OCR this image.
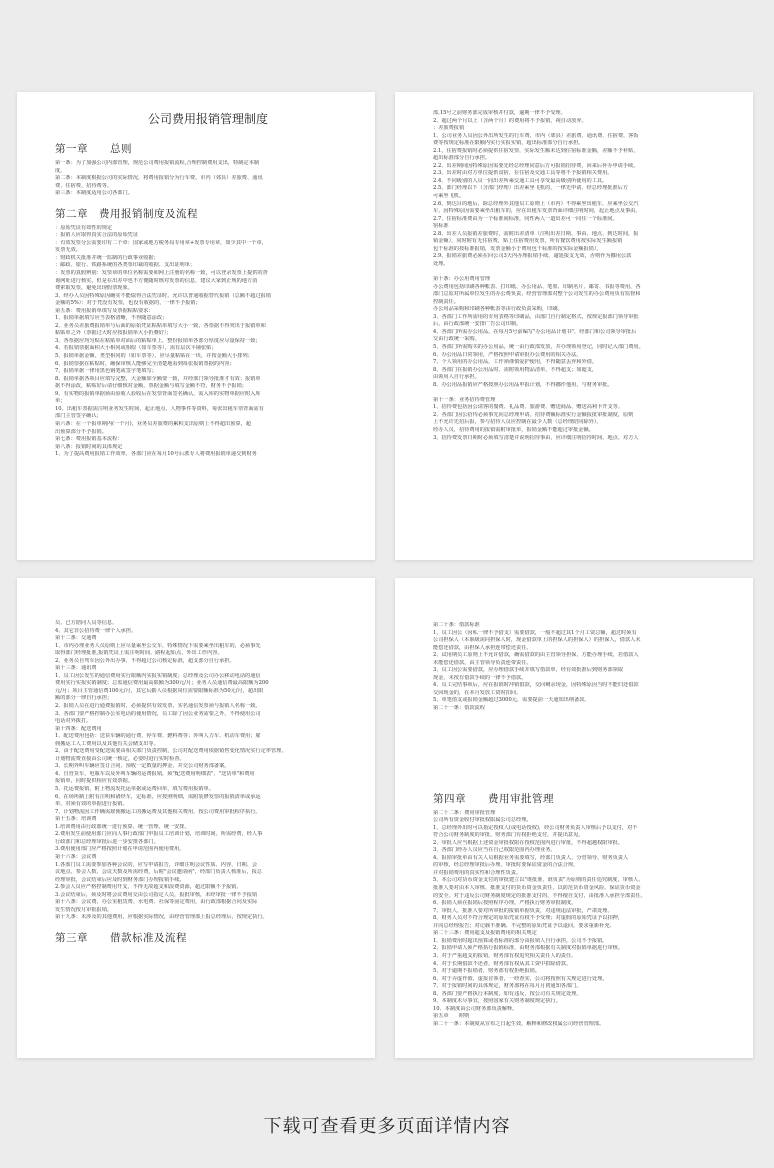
公司费用报销管理制度
第一章　　总则

第一条：为了加强公司内部管理，规范公司费用报销流程,合理控制费用支出，特制定本制

度。

第二条：本制度根据公司的实际情况，将费用报销分为行车费、市内（郊县）差旅费、通讯

费、住宿费、招待费等。

第三条：本制度适用公司各部门。

第二章　费用报销制度及流程

：原始凭证有效性的规定

：报销人应取得真实合法的原始凭证

：有效发票分公需要印有二个章：国家或地方税务局专用章+发票专用章，如少其中一个章，

发票无效。

：财政机关批准并统一监制的行政事业收据；

：邮政、银行、铁路系统的各类票印裁的收据、支出证明单；

：发票的真假辨别：发票章的单位名称需要和网上注册的名称一致，可以登录发票上提供的查

询网址进行核实，但是在出差中也不方便随时核对发票的信息，建议大家到正规的地方消

费索取发票，避免出现假票现象。

3、经办人员因特殊原因确实不能取得合法凭证时，允许以普通收据替代报销（总额不超过报销

金额的5%）：对于凭没有发票，也没有收据的，一律不予报销；

第五条：费用报销单填写及票据粘贴要求：

1、报销单据填写应当表格清晰，不得随意涂改；

2、业务员差旅费报销单与后面的原始凭证粘贴单填写大小一致，各票据不得突出于报销单和

粘贴单之外（票据过大时应按报销单大小折叠好）；

3、各票据应均匀贴在粘贴单对面后的粘贴单上，整份报销单各部分厚度应尽量保持一致；

4、若报销票据面积大小相同或相似（如车票等），需有层次平铺张贴；

5、报销单据金额、类型相同的（如车票等），应尽量粘贴在一块，并按金额大小排列；

6、报销票据在粘贴时，确保审核人能够完全清楚地看到每张报销票据的内容；

7、报销单据一律用黑色钢笔或签字笔填写；

8、报销单据各项目应填写完整，大金额如全额要一致，并经部门领导批准才有效；报销单

据不得涂改，粘贴好后请仔细核对金额，票据金额与填写金额不符，财务不予报销；

9、有实物的报销单据须由验收人验收后在发票背面签名确认，需入库的实物单据应附入库

单；

10、出租车票据需注明业务发生时间、起止地点、人物事件等资料，每张出租车票背面需有

部门主管签字确认；

第六条：在一个报单期内(一个月)，业务员差旅费的累积支出原则上不得超出预算，超

出预算部分不予报销。

第七条：费用报销基本流程：

第八条：报销时间的具体规定

1、为了提高费用报销工作效率，各部门应在每月10号后派专人将费用报销单递交到财务

部,15号之前财务部完成审核并付款，逾期一律不予受理。

2、超过两个月以上（含两个月）的费用将不予报销，视自动放弃。

：差旅费报销

1、公司业务人员因公外出所发生的行车费、市内（郊县）差旅费、通讯费、住宿费、客饭

费等按规定标准在限额内实行实报实销，超出标准部分自行承担。

2.1、住宿费报销时必须提供住宿发票，实际发生额未达到住宿标准金额，差额不予补贴，

超出标准部分自行承担。

2.2、出差期间因特殊原因需要先经总经理同意后方可报销招待费，回来后补办申请手续。

2.3、出差时由对方单位提供食宿，在住宿及交通工具等将不予报销相关费用。

2.4、不同级别的人员一同出差所乘交通工具可享受最高级别所使用的工具。

2.5、部门经理以下（含部门经理）出差乘坐飞机的，一律先申请，经总经理批准后方

可乘坐飞机。

2.6、到达目的地后，除总经理外其他员工原则上（市内）不得乘坐出租车，应乘坐公交汽

车，因特殊原因需要乘坐出租车的，应在出租车发票背面详细注明时间，起止地点及事由。

2.7、住宿标准费由为一个标准间标准，同性两人一道出差可一同住一个标准间。

宿标准

2.8、出差人员报销差旅费时，需附出差清单（注明出差日期、事由、地点、到达时间，报

销金额），同时附有无住宿费，贴上住宿费用发票，所有餐饮费用按实际发生额报销

包干标准的按标准报销，发票金额小于费用包干标准的按实际金额报销）。

2.9、报销差旅费必须在回公司3天内办理报销手续，逾延报支无效，否则作为挪用公款

处理。

第十条：办公用费用管理

办公费用包括印刷各种帐表、打印纸、办公用品、笔墨、印制名片、邮寄、书报等费用，各

部门总监对所属单位发生的办公费负责，经营管理部对整个公司发生的办公费用负有监督和

控制责任。

办公用品采购和印刷各种帐表等由行政负责采购，印刷。

3、各部门工作所需用的专用表格等印刷品，由部门自行制定格式，按规定报部门领导审批

后，由行政部统一安排广告公司印制。

4、各部门所需办公用品，在每月5号前编写"办公用品计划书"，经部门和公司领导审批后

交由行政统一采购。

5、各部门所需购买的办公用品，统一由行政部发放，并办理领用登记，同时记入部门费用。

6、办公用品日常领用，严格按照申请审批办公费用的相关办法。

7、个人领用的办公用品，工作须谨慎爱护使用，不得随意丢弃和外借。

8、各部门在报销办公用品时，需附领用物品清单，不得超支；如超支，

由领用人自行承担。

8、办公用品报销应严格按照办公用品申报计划，不得挪作他用，与财务审批。

第十一条：业务招待费管理

1、招待费包括因公请客的餐费、礼品费、旅游费、赠送商品、赠送高利卡开支等。

2、各部门因公招待必须事先向总经理申请，招待费额标准实行金额报批审批制度，原则

上不允许先招后报，参与招待人员应控制在最少人数（总经理陪同除外）。

经办人员，招待费用的报销需附审批单，报销金额不能超过审批金额。

3、招待费发票日期时必须填写清楚并说明招待事由，应详细注明招待时间、地点、对方人

员、已方陪同人员等信息。

4、其它非公招待费一律个人承担。

第十二条：交通费

1、市内办理业务人员原则上应尽量乘坐公交车，特殊情况下需要乘坐出租车的，必须事先

取得部门经理批准,报销凭证上需注明时间、路程起始点、外出工作内容。

2、业务员自驾车因公外出办事，不得超过公司核定标准，超支部分自行承担。

第十三条：通讯费

1、员工因公发生的通信费用实行限额内实报实销制度；总经理及公司办公移动电话的通信

费用实行实报实销制度；总监通信费用最高限额为300元/月；业务人员通信费最高限额为200

元/月；项目主管通信费100元/月，其它后勤人员根据岗位需要限额标准为50元/月，超出限

额的部分一律自行承担；

2、报销人员在进行通费报销时，必须提供有效发票，实名通信发票须与报销人名称一致。

3、各部门要严格控制办公室电话的使用情况，员工除了因公业务需要之外，不得使用公司

电话对外拨打。

第十四条：配送费用

1、配送费用包括：送货车辆的通行费、停车费、燃料费等；外叫人力车、机动车费用；雇

佣搬运工人工费用以及其他有关会储支出等。

2、由于配送费用受配送需要由相关部门负责控制，公司对配送费用依据销售变化情况实行定率管理。

计划物流费直接由公司统一核定，必要时进行实时检查。

3、长期外叫车辆应签订合同，预收一定数量的押金，并交公司财务部备案。

4、自营货车，电瓶车以及外叫车辆的运费报销，须"配送费用明细表"、"送货单"和费用

报销单，同时提供相应有效票据。

5、托运费报销，附上物流发托运单据或运费回单，填写费用报销单。

6、在场所制上附有注明和诸经车，定标准，应按照明细，需附装修发票的报销清单或承运

单，对须有效的单据进行报销。

7、计划物流因工作确需雇佣搬运工的搬运费及其他相关费用，按公司费用审批程序执行。

第十五条：培训费

1.培训费用由行政部统一进行预算、统一管理、统一安排。

2.费用发生前使用部门应向人事行政部门申报员工培训计划，培训时间、所需经费，经人事

行政部门和总经理审批后进一步安排各部门。

3.费用使用部门应严格按照计划在申请范围内使用费用。

第十六条：会议费

1.各部门员工需要参加各种会议的，应写申请报告，详细注明会议性质、内容、日期、会

议地点、参会人数、会议天数及所需经费，后附"会议邀请函"，经部门负责人核准后，报总

经理审批，会议结束后应及时到财务部门办理报销手续。

2.参会人员应严格控制费用开支，不得无故超支和浪费资源，超过限额不予报销。

3.会议结束后，须及时将会议费用交由公司指定人员，报批审核，未经审批一律不予报销

第十八条：会议费、办公室租赁费、水电费、社保等固定费用，由行政部根据合同及实际

发生情况按月审批报销。

第十九条：未涉及的其他费用，应根据实际情况，由经营管理部上报总经理后，按规定执行。

第三章　　借款标准及流程

第二十条：借款标准

1、员工因公（因私一律不予借支）需要借款，一般不超过其1个月工资总额，超过时须有

公司担保人（本职级需同担保人时，现金借款单上的担保人的担保人）的担保人，借款人未

能偿还借款，由担保人承担连带偿还责任。

2、试用期员工原则上不允许借款，确需借款的由主管领导担保，方能办理手续，若借款人

未能偿还借款，由主管领导负责连带责任。

3、员工因公需要借款，应办理借款手续并填写借款单，经有效批准后到财务部领取

现金，未按有借款手续的一律不予借款。

4、员工完结事项后，应在报销时冲销借款，交回剩余现金，因特殊原因当时不能归还借款

交回现金的，在本月发放工资时扣回。

5、单笔借支或报销金额超过3000元，需要提前一天通知出纳备款。

第二十一条：借款流程

第四章　　费用审批管理

第二十二条：费用审批管理

公司所有资金收付审批权限属公司总经理。

1、总经理外出时可以指定授权人(或电话授权)，经公司财务负责人审核后予以支付，对不

符合公司财务制度的审批，财务部门有权拒绝支付，并提出意见。

2、审批人应当根据上述资金审批权限在授权范围内进行审批，不得超越权限审批。

3、各部门经办人员应当在自己权限范围内办理业务。

4、报销审批单由有关人员根据业务需要填写，经部门负责人、分管领导、财务负责人

的审核，经总经理审批后办理。审批时要保证资金的合法合规，

并对报销费用的真实性和合理性负责。

5、本公司对货币资金支付的审批建立以"谁批准、谁负责"为原则的责任追究制度，审核人、

批准人要对由本人审核、批准支付的货币资金负责任，以防范货币资金风险。保证货币资金

的安全。对于违反公司财务制度规定的批准支付的，不得擅自支付，由批准人承担全部责任。

6、报销人须在报销后按照程序办理，严格执行财务审批制度。

7、审批人，批准人要对所审批的报销单据负责，对违规违法审批，严肃处理。

8、财务人员对不符合规定的原始凭证有权不予受理；对虚假的原始凭证予以扣押，

并向总经理报告；对记载不准确、不完整的原始凭证予以退回，要求重新补充。

第二十三条：费用超支及报销费用的相关规定

1、报销费用时超出预算或者标准的部分由报销人自行承担，公司不予报销。

2、报销申请人须严格执行报销标准，由财务部根据有关制度对报销单据进行审核。

3、对于严重超支的报销，财务部有权追究相关责任人的责任。

4、对于长期借款不还者，财务部有权从其工资中扣除借款。

5、对于逾期不报销者，财务部有权拒绝报销。

6、对于弄虚作假、虚报冒领者，一经查实，公司将按照有关规定进行处理。

7、对于报销时间的具体规定，财务部将在每月月初通知各部门。

8、各部门要严格执行本制度，如有违反，按公司有关规定处理。

9、本制度未尽事宜，按照国家有关财务制度规定执行。

10、本制度由公司财务部负责解释。

第五章　　附则

第二十一条：本制度从宣布之日起生效，解释和修改权属公司经营管理部。

下载可查看更多页面详情内容
